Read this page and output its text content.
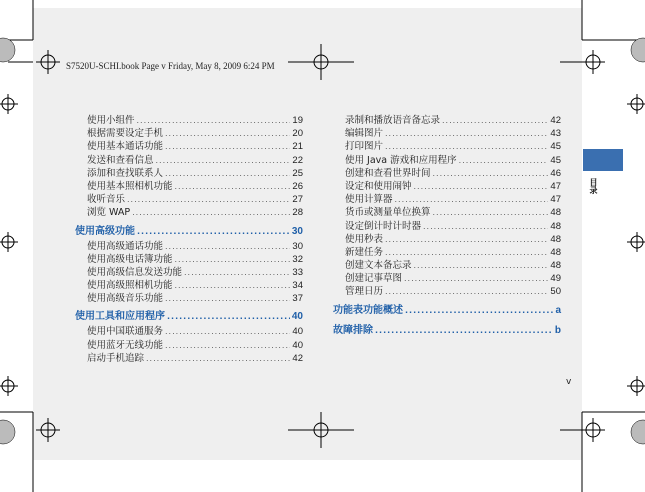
S7520U-SCHI.book Page v Friday, May 8, 2009 6:24 PM
使用小组件 .....	19
根据需要设定手机 .....	20
使用基本通话功能 .....	21
发送和查看信息 .....	22
添加和查找联系人 .....	25
使用基本照相机功能 .....	26
收听音乐 .....	27
浏览 WAP .....	28
使用高级功能 .....	30
使用高级通话功能 .....	30
使用高级电话簿功能 .....	32
使用高级信息发送功能 .....	33
使用高级照相机功能 .....	34
使用高级音乐功能 .....	37
使用工具和应用程序 .....	40
使用中国联通服务 .....	40
使用蓝牙无线功能 .....	40
启动手机追踪 .....	42
录制和播放语音备忘录 .....	42
编辑图片 .....	43
打印图片 .....	45
使用 Java 游戏和应用程序 .....	45
创建和查看世界时间 .....	46
设定和使用闹钟 .....	47
使用计算器 .....	47
货币或测量单位换算 .....	48
设定倒计时计时器 .....	48
使用秒表 .....	48
新建任务 .....	48
创建文本备忘录 .....	48
创建记事草图 .....	49
管理日历 .....	50
功能表功能概述 .....	a
故障排除 .....	b
目录
v
